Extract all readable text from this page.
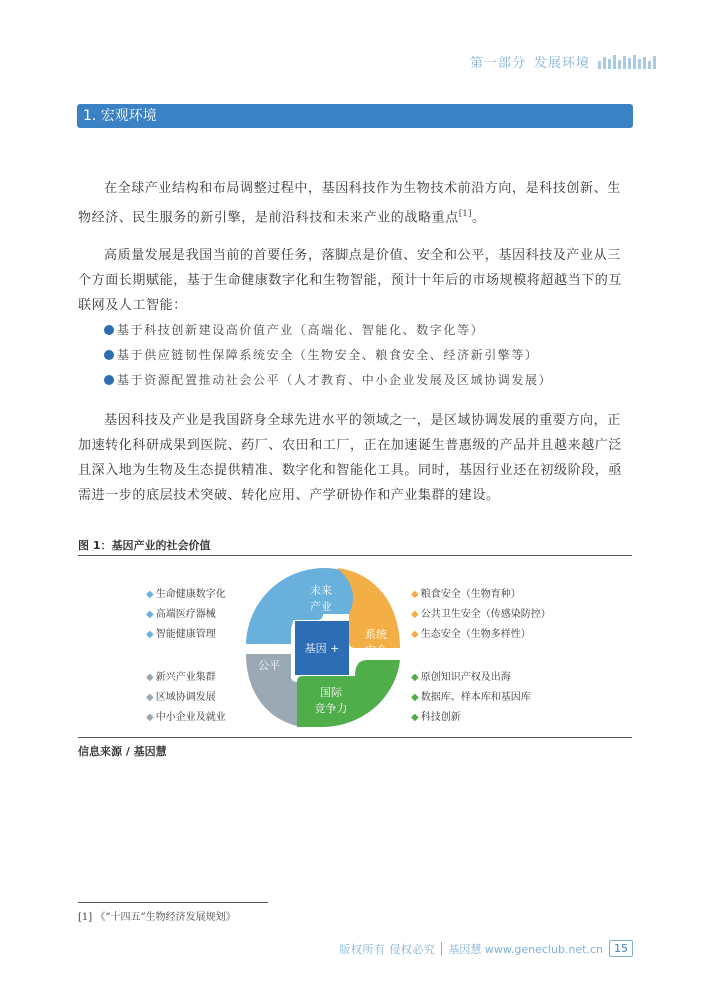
第一部分 发展环境
1. 宏观环境

在全球产业结构和布局调整过程中，基因科技作为生物技术前沿方向，是科技创新、生物经济、民生服务的新引擎，是前沿科技和未来产业的战略重点[1]。

高质量发展是我国当前的首要任务，落脚点是价值、安全和公平，基因科技及产业从三个方面长期赋能，基于生命健康数字化和生物智能，预计十年后的市场规模将超越当下的互联网及人工智能：

基于科技创新建设高价值产业（高端化、智能化、数字化等）
基于供应链韧性保障系统安全（生物安全、粮食安全、经济新引擎等）
基于资源配置推动社会公平（人才教育、中小企业发展及区域协调发展）

基因科技及产业是我国跻身全球先进水平的领域之一，是区域协调发展的重要方向，正加速转化科研成果到医院、药厂、农田和工厂，正在加速诞生普惠级的产品并且越来越广泛且深入地为生物及生态提供精准、数字化和智能化工具。同时，基因行业还在初级阶段，亟需进一步的底层技术突破、转化应用、产学研协作和产业集群的建设。

图 1：基因产业的社会价值
◆ 生命健康数字化
◆ 高端医疗器械
◆ 智能健康管理
◆ 新兴产业集群
◆ 区域协调发展
◆ 中小企业及就业
◆ 粮食安全（生物育种）
◆ 公共卫生安全（传感染防控）
◆ 生态安全（生物多样性）
◆ 原创知识产权及出海
◆ 数据库、样本库和基因库
◆ 科技创新
基因 +
未来
产业
系统
安全
国际
竞争力
社会
公平
信息来源 / 基因慧
[1] 《“十四五”生物经济发展规划》
版权所有 侵权必究 基因慧 www.geneclub.net.cn	15
